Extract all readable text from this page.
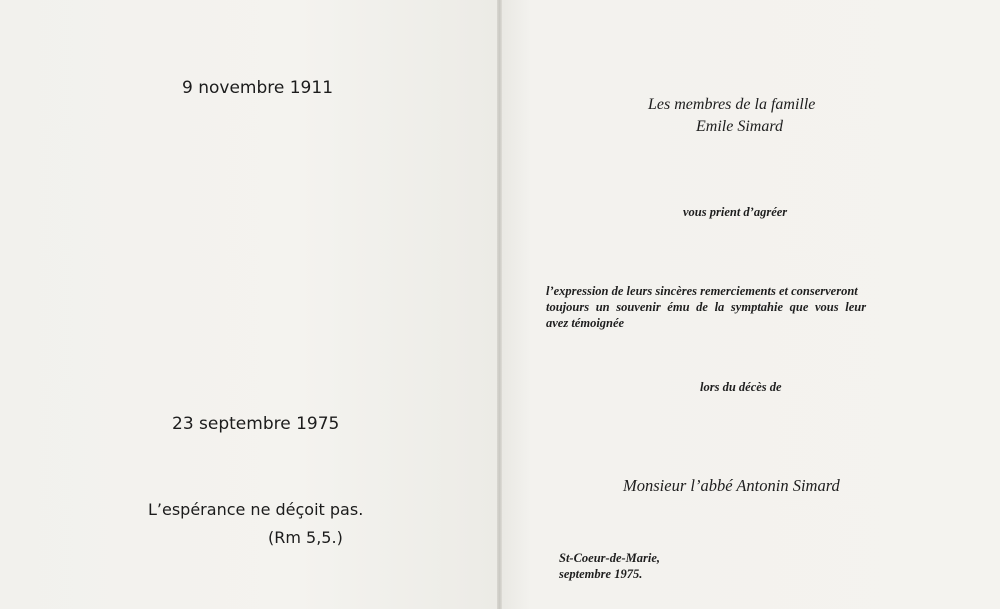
9 novembre 1911
23 septembre 1975
L’espérance ne déçoit pas.
(Rm 5,5.)
Les membres de la famille
Emile Simard
vous prient d’agréer
l’expression de leurs sincères remerciements et conserveront
toujours un souvenir ému de la symptahie que vous leur
avez témoignée
lors du décès de
Monsieur l’abbé Antonin Simard
St-Coeur-de-Marie,
septembre 1975.
